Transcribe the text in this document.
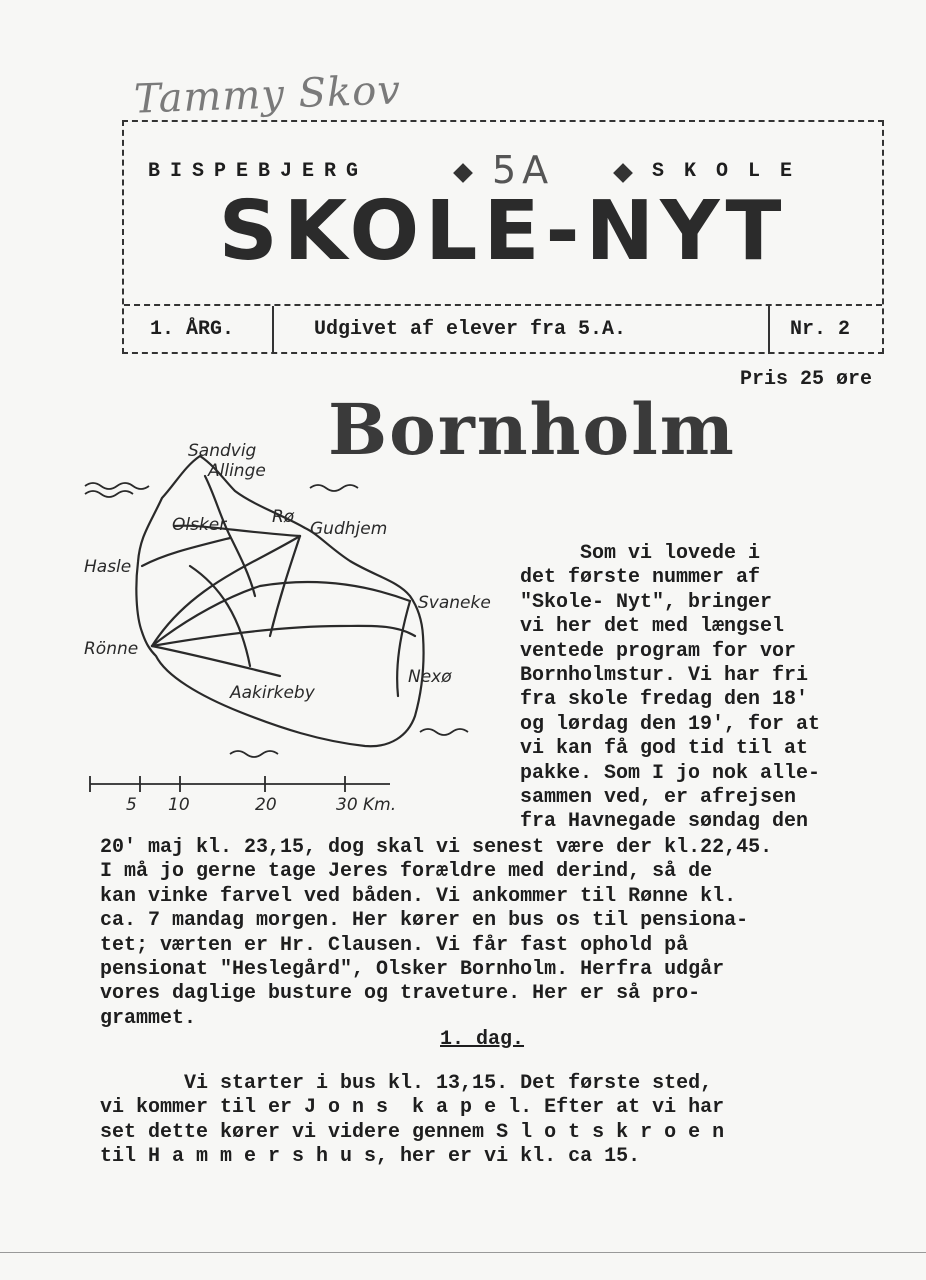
Tammy Skov
BISPEBJERG	5A	SKOLE
SKOLE-NYT
1. ÅRG.	Udgivet af elever fra 5.A.	Nr. 2
Pris 25 øre
Bornholm
Sandvig
Allinge
Olsker	Rø
Gudhjem
Hasle
Svaneke
Rönne
Aakirkeby
Nexø
5 10	20	30 Km.
Som vi lovede i
det første nummer af
"Skole- Nyt", bringer
vi her det med længsel
ventede program for vor
Bornholmstur. Vi har fri
fra skole fredag den 18'
og lørdag den 19', for at
vi kan få god tid til at
pakke. Som I jo nok alle-
sammen ved, er afrejsen
fra Havnegade søndag den
20' maj kl. 23,15, dog skal vi senest være der kl.22,45.
I må jo gerne tage Jeres forældre med derind, så de
kan vinke farvel ved båden. Vi ankommer til Rønne kl.
ca. 7 mandag morgen. Her kører en bus os til pensiona-
tet; værten er Hr. Clausen. Vi får fast ophold på
pensionat "Heslegård", Olsker Bornholm. Herfra udgår
vores daglige busture og traveture. Her er så pro-
grammet.
1. dag.
Vi starter i bus kl. 13,15. Det første sted,
vi kommer til er J o n s  k a p e l. Efter at vi har
set dette kører vi videre gennem S l o t s k r o e n
til H a m m e r s h u s, her er vi kl. ca 15.
